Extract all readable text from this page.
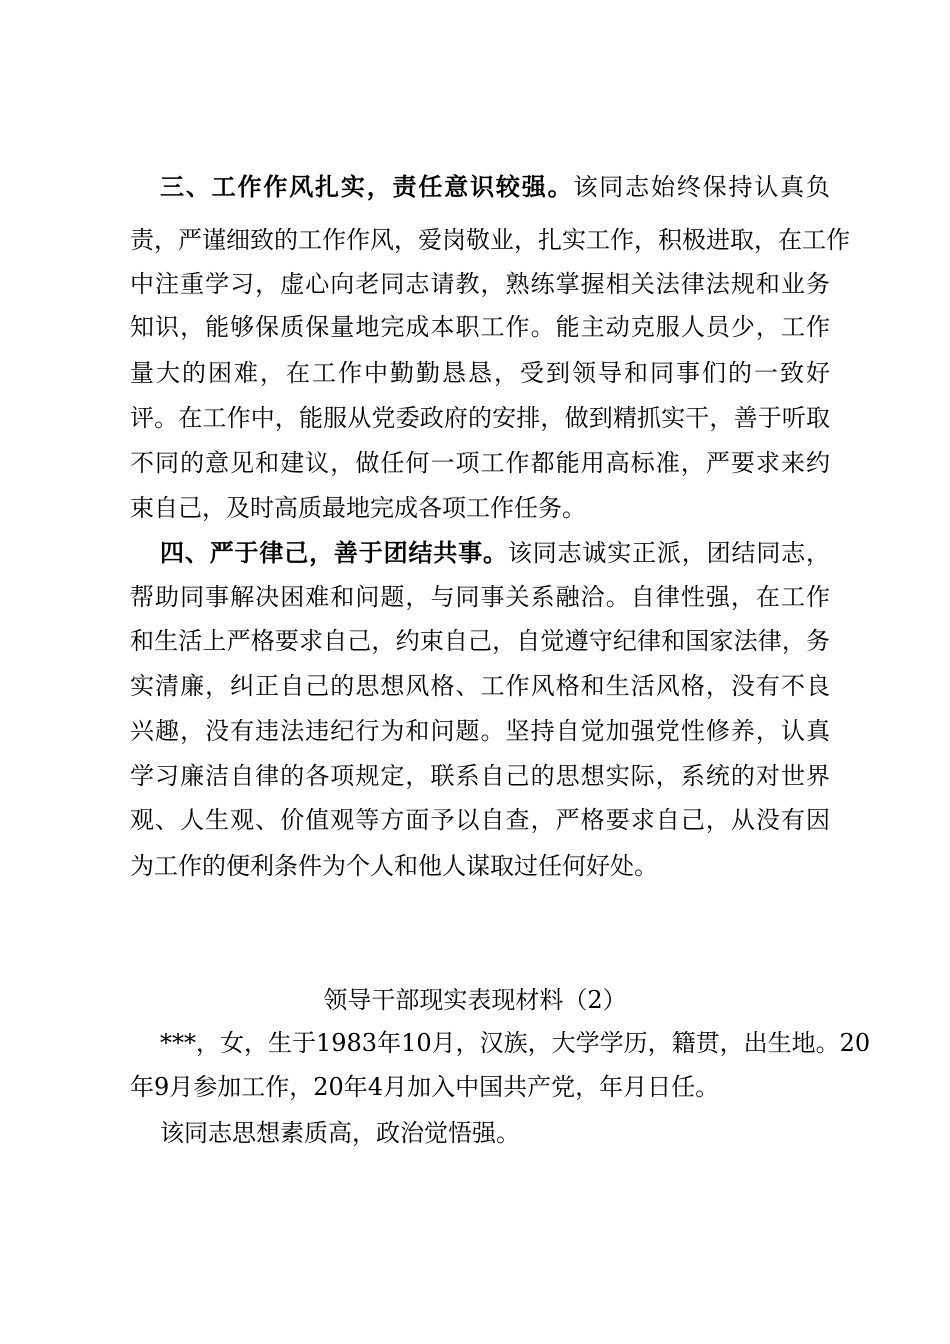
三、工作作风扎实，责任意识较强。该同志始终保持认真负
责，严谨细致的工作作风，爱岗敬业，扎实工作，积极进取，在工作
中注重学习，虚心向老同志请教，熟练掌握相关法律法规和业务
知识，能够保质保量地完成本职工作。能主动克服人员少，工作
量大的困难，在工作中勤勤恳恳，受到领导和同事们的一致好
评。在工作中，能服从党委政府的安排，做到精抓实干，善于听取
不同的意见和建议，做任何一项工作都能用高标准，严要求来约
束自己，及时高质最地完成各项工作任务。
四、严于律己，善于团结共事。该同志诚实正派，团结同志，
帮助同事解决困难和问题，与同事关系融洽。自律性强，在工作
和生活上严格要求自己，约束自己，自觉遵守纪律和国家法律，务
实清廉，纠正自己的思想风格、工作风格和生活风格，没有不良
兴趣，没有违法违纪行为和问题。坚持自觉加强党性修养，认真
学习廉洁自律的各项规定，联系自己的思想实际，系统的对世界
观、人生观、价值观等方面予以自查，严格要求自己，从没有因
为工作的便利条件为个人和他人谋取过任何好处。
领导干部现实表现材料（2）
***，女，生于1983年10月，汉族，大学学历，籍贯，出生地。20
年9月参加工作，20年4月加入中国共产党，年月日任。
该同志思想素质高，政治觉悟强。
